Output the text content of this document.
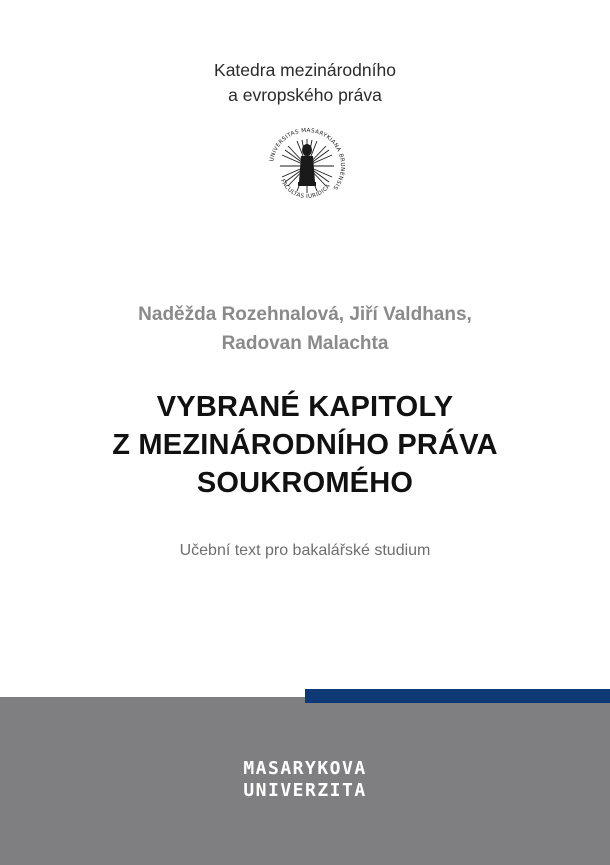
Katedra mezinárodního
a evropského práva
UNIVERSITAS MASARYKIANA BRUNENSIS
FACULTAS IURIDICA
Naděžda Rozehnalová, Jiří Valdhans,
Radovan Malachta
VYBRANÉ KAPITOLY
Z MEZINÁRODNÍHO PRÁVA
SOUKROMÉHO
Učební text pro bakalářské studium
MASARYKOVA
UNIVERZITA
